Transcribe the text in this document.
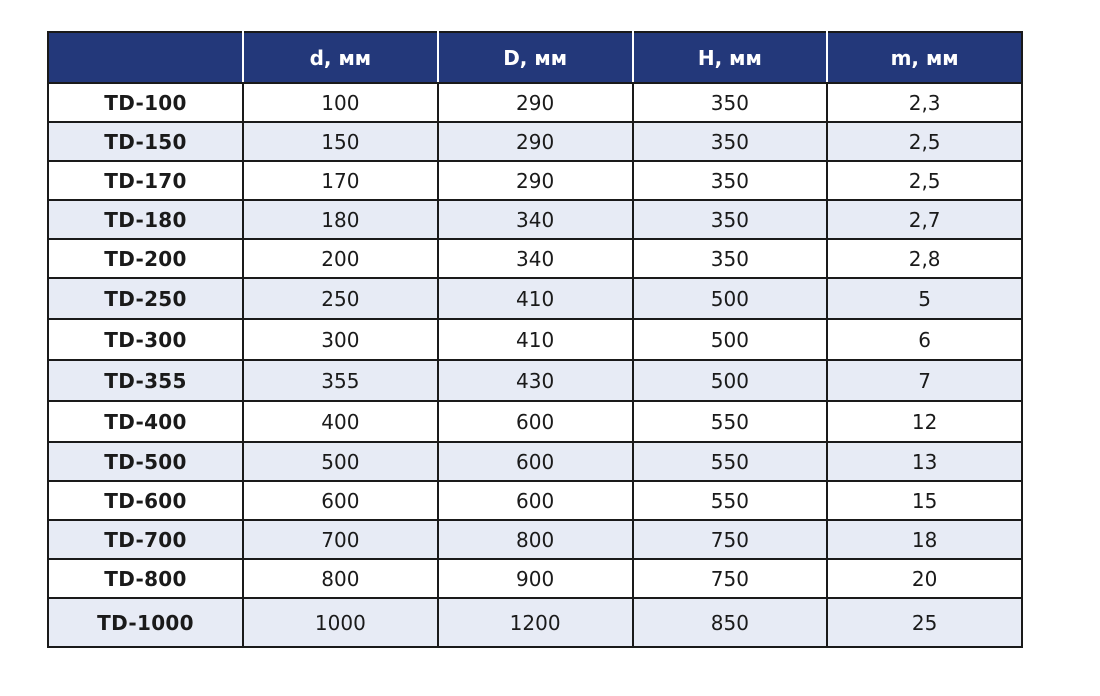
	d, мм	D, мм	H, мм	m, мм
TD-100	100	290	350	2,3
TD-150	150	290	350	2,5
TD-170	170	290	350	2,5
TD-180	180	340	350	2,7
TD-200	200	340	350	2,8
TD-250	250	410	500	5
TD-300	300	410	500	6
TD-355	355	430	500	7
TD-400	400	600	550	12
TD-500	500	600	550	13
TD-600	600	600	550	15
TD-700	700	800	750	18
TD-800	800	900	750	20
TD-1000	1000	1200	850	25
